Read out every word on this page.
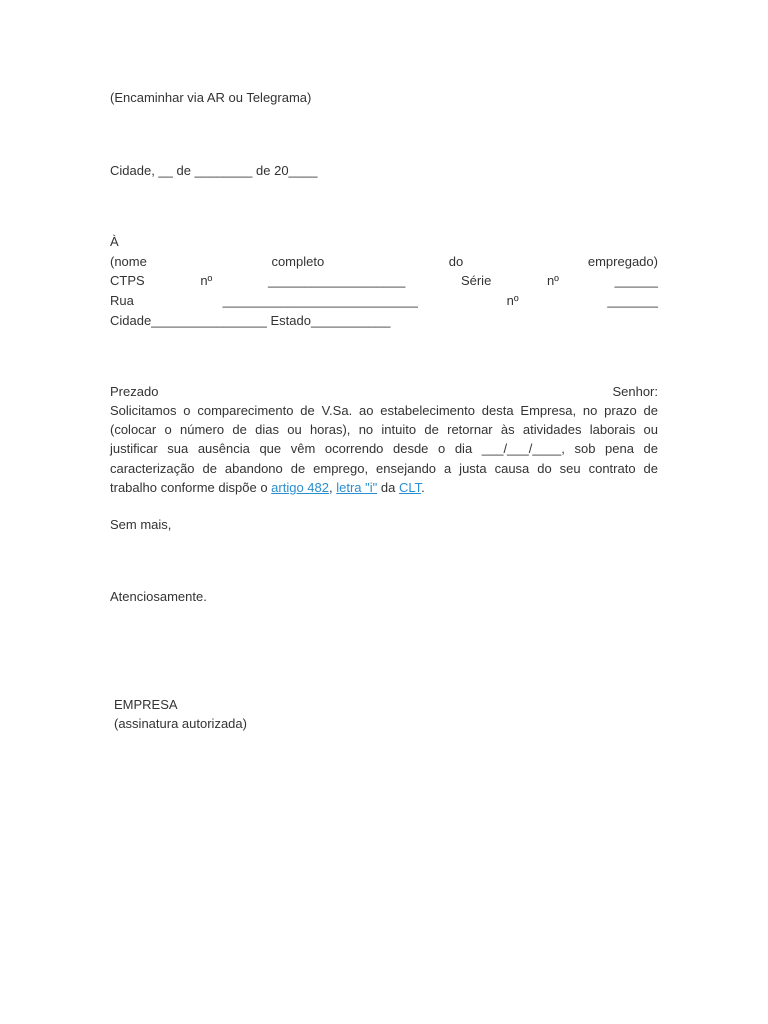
(Encaminhar via AR ou Telegrama)
Cidade, __ de ________ de 20____
À
(nome	completo	do	empregado)
CTPS	nº	___________________	Série	nº	______
Rua	___________________________	nº	_______
Cidade________________ Estado___________
Prezado	Senhor:
Solicitamos o comparecimento de V.Sa. ao estabelecimento desta Empresa, no prazo de
(colocar o número de dias ou horas), no intuito de retornar às atividades laborais ou
justificar sua ausência que vêm ocorrendo desde o dia ___/___/____, sob pena de
caracterização de abandono de emprego, ensejando a justa causa do seu contrato de
trabalho conforme dispõe o artigo 482, letra "i" da CLT.
Sem mais,
Atenciosamente.
EMPRESA
(assinatura autorizada)
